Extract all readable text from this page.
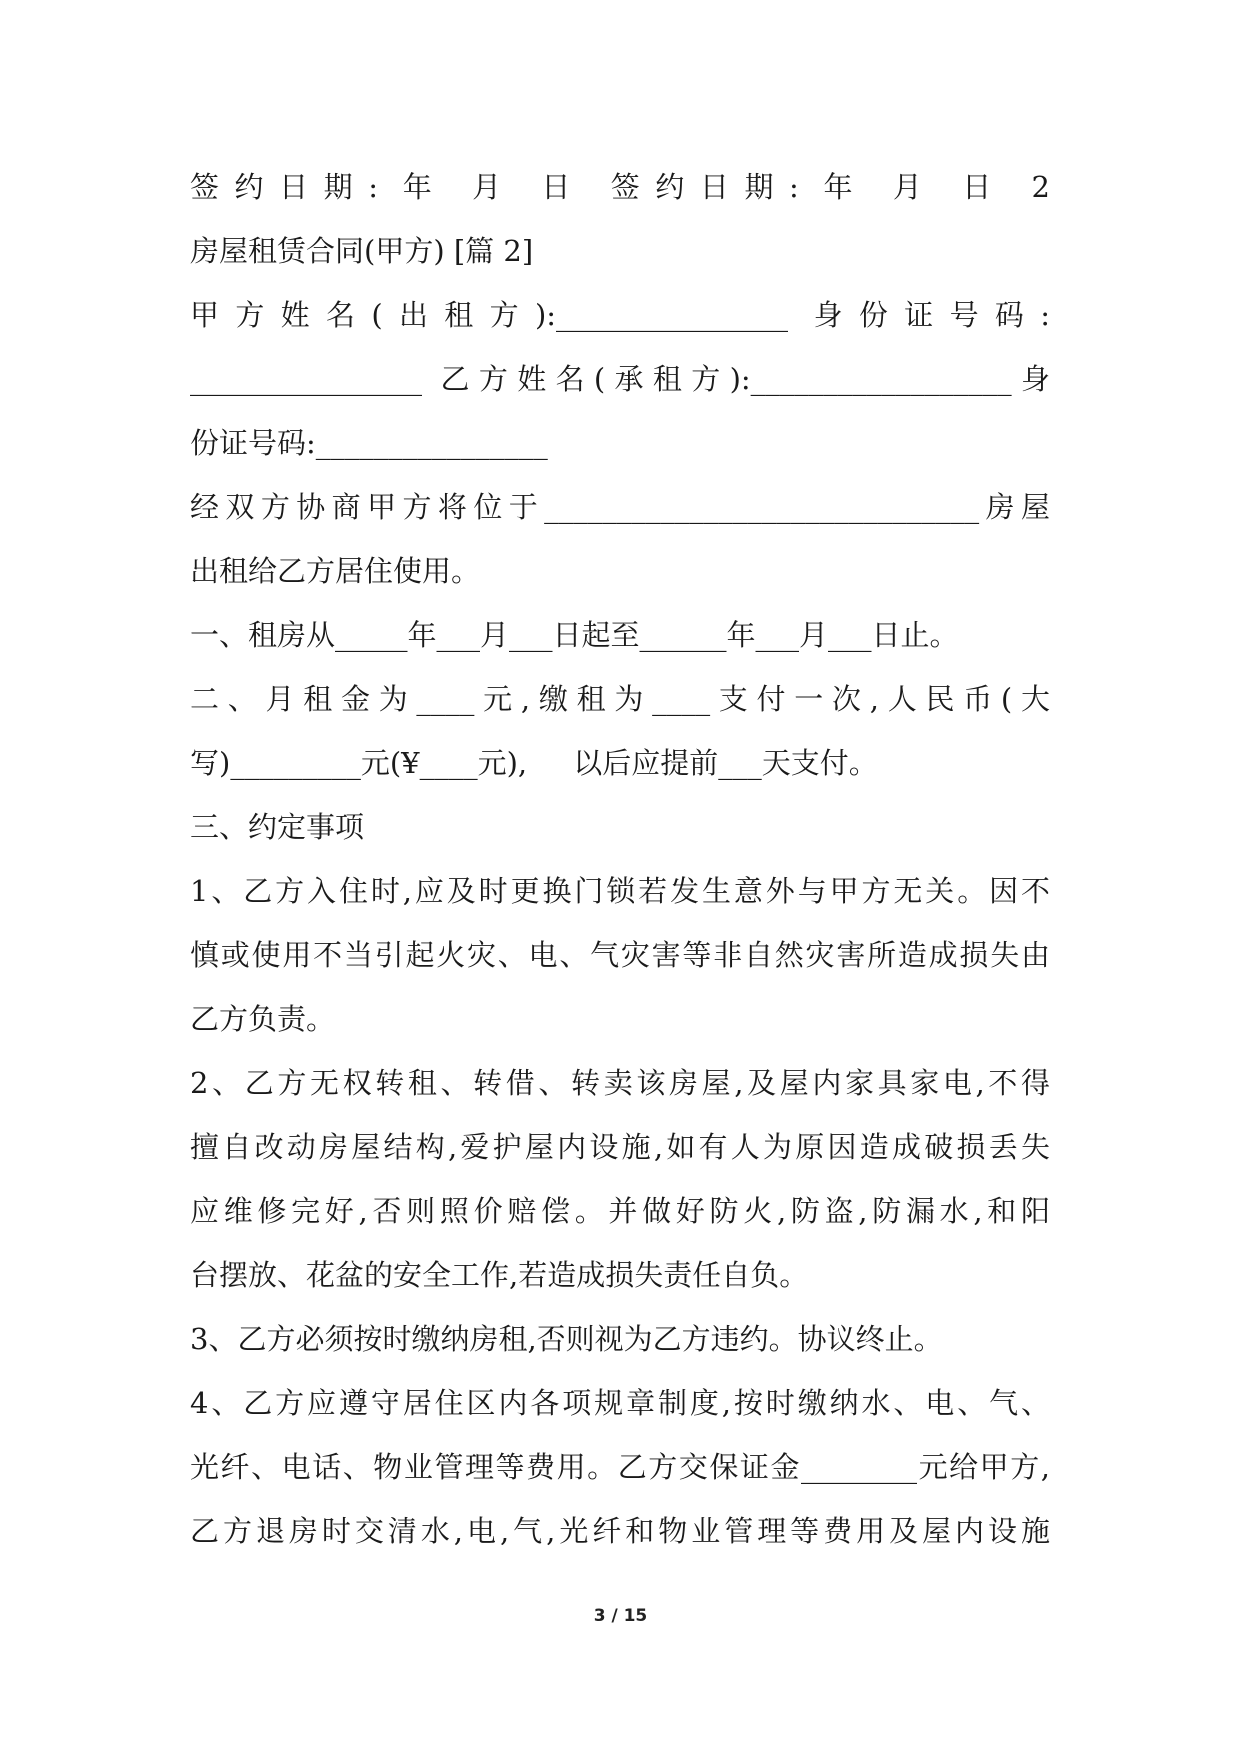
签约日期: 年 月 日 签约日期: 年 月 日 2
房屋租赁合同(甲方) [篇 2]
甲方姓名(出租方):________________ 身份证号码:
________________ 乙方姓名(承租方):__________________身
份证号码:________________
经双方协商甲方将位于______________________________房屋
出租给乙方居住使用。
一、租房从_____年___月___日起至______年___月___日止。
二、月租金为____元,缴租为____支付一次,人民币(大
写)_________元(¥____元),     以后应提前___天支付。
三、约定事项
1、乙方入住时,应及时更换门锁若发生意外与甲方无关。因不
慎或使用不当引起火灾、电、气灾害等非自然灾害所造成损失由
乙方负责。
2、乙方无权转租、转借、转卖该房屋,及屋内家具家电,不得
擅自改动房屋结构,爱护屋内设施,如有人为原因造成破损丢失
应维修完好,否则照价赔偿。并做好防火,防盗,防漏水,和阳
台摆放、花盆的安全工作,若造成损失责任自负。
3、乙方必须按时缴纳房租,否则视为乙方违约。协议终止。
4、乙方应遵守居住区内各项规章制度,按时缴纳水、电、气、
光纤、电话、物业管理等费用。乙方交保证金________元给甲方,
乙方退房时交清水,电,气,光纤和物业管理等费用及屋内设施
3 / 15
